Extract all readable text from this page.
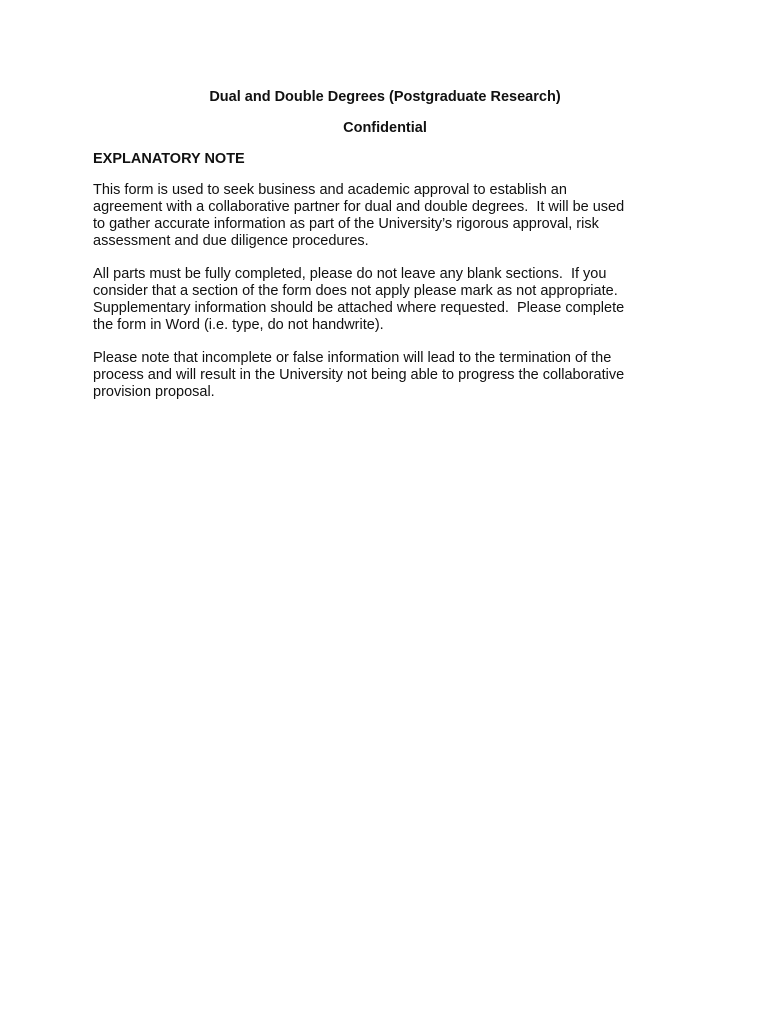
Dual and Double Degrees (Postgraduate Research)

Confidential

EXPLANATORY NOTE

This form is used to seek business and academic approval to establish an
agreement with a collaborative partner for dual and double degrees.  It will be used
to gather accurate information as part of the University’s rigorous approval, risk
assessment and due diligence procedures.
All parts must be fully completed, please do not leave any blank sections.  If you
consider that a section of the form does not apply please mark as not appropriate.
Supplementary information should be attached where requested.  Please complete
the form in Word (i.e. type, do not handwrite).
Please note that incomplete or false information will lead to the termination of the
process and will result in the University not being able to progress the collaborative
provision proposal.
